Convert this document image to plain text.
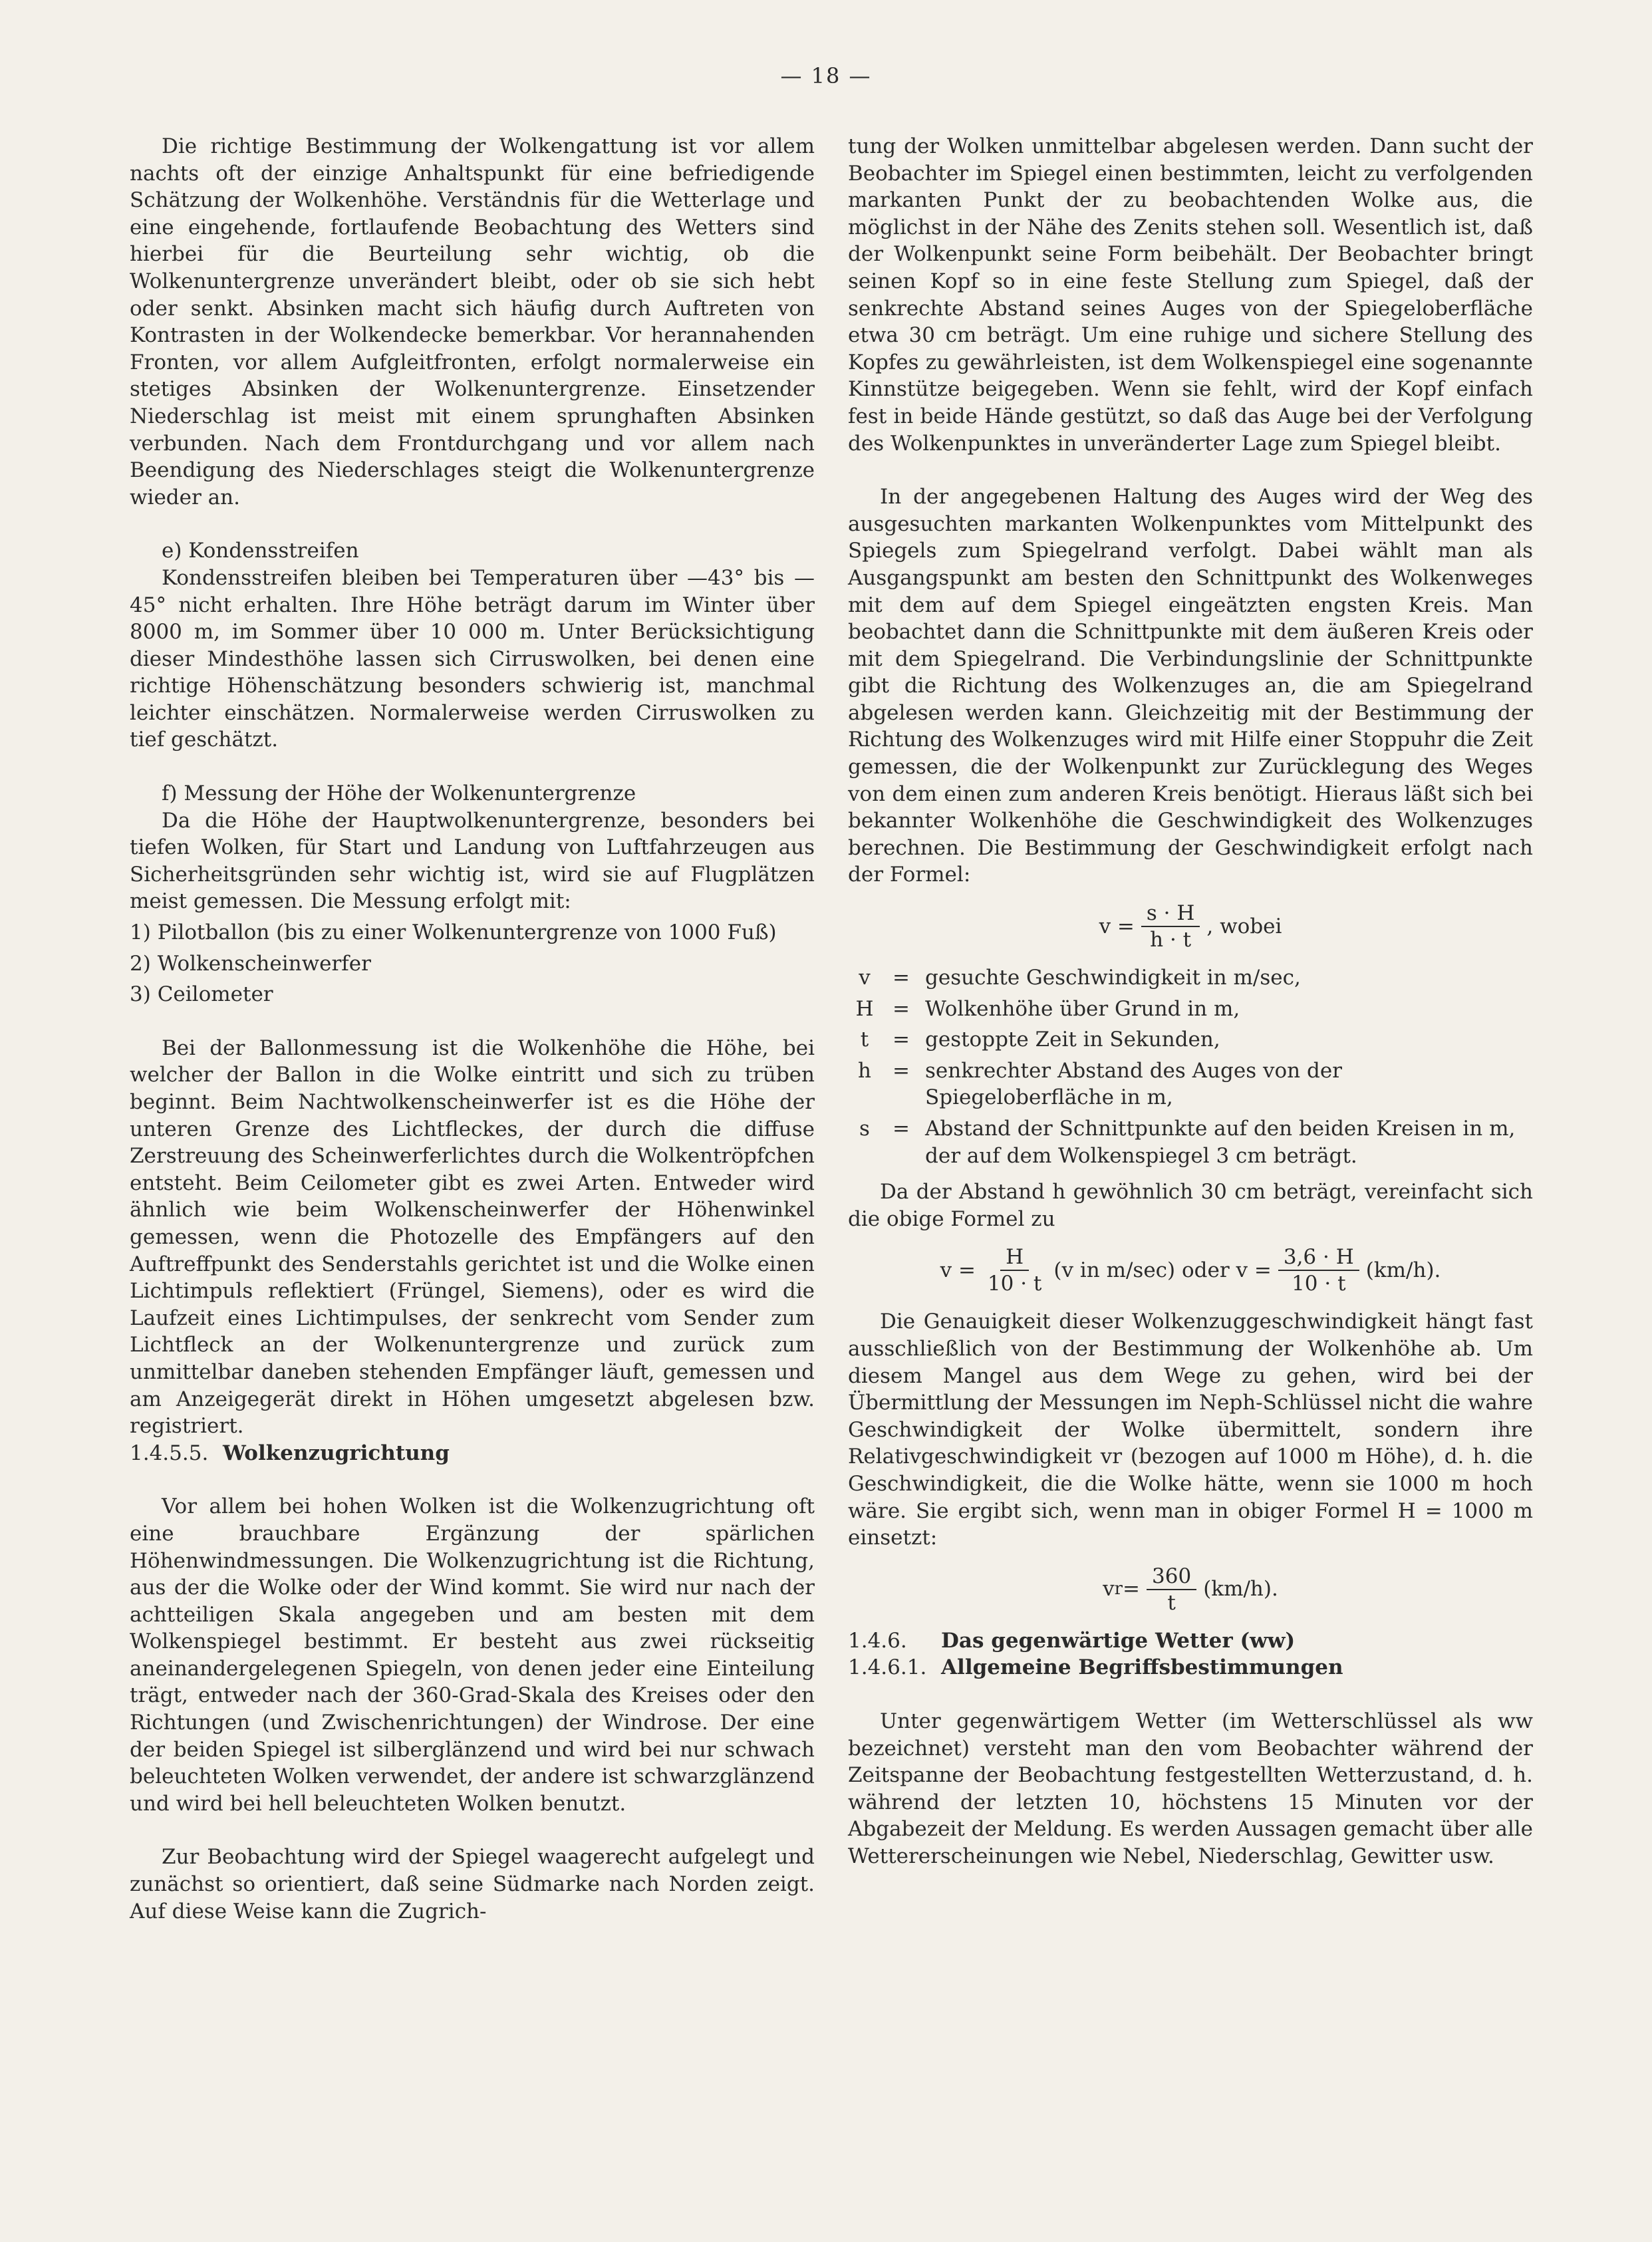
— 18 —

Die richtige Bestimmung der Wolkengattung ist vor allem nachts oft der einzige Anhaltspunkt für eine befriedigende Schätzung der Wolkenhöhe. Verständnis für die Wetterlage und eine eingehende, fortlaufende Beobachtung des Wetters sind hierbei für die Beurteilung sehr wichtig, ob die Wolkenuntergrenze unverändert bleibt, oder ob sie sich hebt oder senkt. Absinken macht sich häufig durch Auftreten von Kontrasten in der Wolkendecke bemerkbar. Vor herannahenden Fronten, vor allem Aufgleitfronten, erfolgt normalerweise ein stetiges Absinken der Wolkenuntergrenze. Einsetzender Niederschlag ist meist mit einem sprunghaften Absinken verbunden. Nach dem Frontdurchgang und vor allem nach Beendigung des Niederschlages steigt die Wolkenuntergrenze wieder an.

e) Kondensstreifen

Kondensstreifen bleiben bei Temperaturen über —43° bis —45° nicht erhalten. Ihre Höhe beträgt darum im Winter über 8000 m, im Sommer über 10 000 m. Unter Berücksichtigung dieser Mindesthöhe lassen sich Cirruswolken, bei denen eine richtige Höhenschätzung besonders schwierig ist, manchmal leichter einschätzen. Normalerweise werden Cirruswolken zu tief geschätzt.

f) Messung der Höhe der Wolkenuntergrenze

Da die Höhe der Hauptwolkenuntergrenze, besonders bei tiefen Wolken, für Start und Landung von Luftfahrzeugen aus Sicherheitsgründen sehr wichtig ist, wird sie auf Flugplätzen meist gemessen. Die Messung erfolgt mit:

1) Pilotballon (bis zu einer Wolkenuntergrenze von 1000 Fuß)

2) Wolkenscheinwerfer

3) Ceilometer

Bei der Ballonmessung ist die Wolkenhöhe die Höhe, bei welcher der Ballon in die Wolke eintritt und sich zu trüben beginnt. Beim Nachtwolkenscheinwerfer ist es die Höhe der unteren Grenze des Lichtfleckes, der durch die diffuse Zerstreuung des Scheinwerferlichtes durch die Wolkentröpfchen entsteht. Beim Ceilometer gibt es zwei Arten. Entweder wird ähnlich wie beim Wolkenscheinwerfer der Höhenwinkel gemessen, wenn die Photozelle des Empfängers auf den Auftreffpunkt des Senderstahls gerichtet ist und die Wolke einen Lichtimpuls reflektiert (Früngel, Siemens), oder es wird die Laufzeit eines Lichtimpulses, der senkrecht vom Sender zum Lichtfleck an der Wolkenuntergrenze und zurück zum unmittelbar daneben stehenden Empfänger läuft, gemessen und am Anzeigegerät direkt in Höhen umgesetzt abgelesen bzw. registriert.

1.4.5.5. Wolkenzugrichtung

Vor allem bei hohen Wolken ist die Wolkenzugrichtung oft eine brauchbare Ergänzung der spärlichen Höhenwindmessungen. Die Wolkenzugrichtung ist die Richtung, aus der die Wolke oder der Wind kommt. Sie wird nur nach der achtteiligen Skala angegeben und am besten mit dem Wolkenspiegel bestimmt. Er besteht aus zwei rückseitig aneinandergelegenen Spiegeln, von denen jeder eine Einteilung trägt, entweder nach der 360-Grad-Skala des Kreises oder den Richtungen (und Zwischenrichtungen) der Windrose. Der eine der beiden Spiegel ist silberglänzend und wird bei nur schwach beleuchteten Wolken verwendet, der andere ist schwarzglänzend und wird bei hell beleuchteten Wolken benutzt.

Zur Beobachtung wird der Spiegel waagerecht aufgelegt und zunächst so orientiert, daß seine Südmarke nach Norden zeigt. Auf diese Weise kann die Zugrich-

tung der Wolken unmittelbar abgelesen werden. Dann sucht der Beobachter im Spiegel einen bestimmten, leicht zu verfolgenden markanten Punkt der zu beobachtenden Wolke aus, die möglichst in der Nähe des Zenits stehen soll. Wesentlich ist, daß der Wolkenpunkt seine Form beibehält. Der Beobachter bringt seinen Kopf so in eine feste Stellung zum Spiegel, daß der senkrechte Abstand seines Auges von der Spiegeloberfläche etwa 30 cm beträgt. Um eine ruhige und sichere Stellung des Kopfes zu gewährleisten, ist dem Wolkenspiegel eine sogenannte Kinnstütze beigegeben. Wenn sie fehlt, wird der Kopf einfach fest in beide Hände gestützt, so daß das Auge bei der Verfolgung des Wolkenpunktes in unveränderter Lage zum Spiegel bleibt.

In der angegebenen Haltung des Auges wird der Weg des ausgesuchten markanten Wolkenpunktes vom Mittelpunkt des Spiegels zum Spiegelrand verfolgt. Dabei wählt man als Ausgangspunkt am besten den Schnittpunkt des Wolkenweges mit dem auf dem Spiegel eingeätzten engsten Kreis. Man beobachtet dann die Schnittpunkte mit dem äußeren Kreis oder mit dem Spiegelrand. Die Verbindungslinie der Schnittpunkte gibt die Richtung des Wolkenzuges an, die am Spiegelrand abgelesen werden kann. Gleichzeitig mit der Bestimmung der Richtung des Wolkenzuges wird mit Hilfe einer Stoppuhr die Zeit gemessen, die der Wolkenpunkt zur Zurücklegung des Weges von dem einen zum anderen Kreis benötigt. Hieraus läßt sich bei bekannter Wolkenhöhe die Geschwindigkeit des Wolkenzuges berechnen. Die Bestimmung der Geschwindigkeit erfolgt nach der Formel:

$v = \frac{s \cdot H}{h \cdot t}$ , wobei
v	=	gesuchte Geschwindigkeit in m/sec,
H	=	Wolkenhöhe über Grund in m,
t	=	gestoppte Zeit in Sekunden,
h	=	senkrechter Abstand des Auges von der Spiegeloberfläche in m,
s	=	Abstand der Schnittpunkte auf den beiden Kreisen in m, der auf dem Wolkenspiegel 3 cm beträgt.

Da der Abstand h gewöhnlich 30 cm beträgt, vereinfacht sich die obige Formel zu

$v = \frac{H}{10 \cdot t} (v$ in m/sec) oder $v = \frac{3,6 \cdot H}{10 \cdot t} (km/h)$.

Die Genauigkeit dieser Wolkenzuggeschwindigkeit hängt fast ausschließlich von der Bestimmung der Wolkenhöhe ab. Um diesem Mangel aus dem Wege zu gehen, wird bei der Übermittlung der Messungen im Neph-Schlüssel nicht die wahre Geschwindigkeit der Wolke übermittelt, sondern ihre Relativgeschwindigkeit vr (bezogen auf 1000 m Höhe), d. h. die Geschwindigkeit, die die Wolke hätte, wenn sie 1000 m hoch wäre. Sie ergibt sich, wenn man in obiger Formel H = 1000 m einsetzt:

v $r = \frac{360}{t} (km/h)$.

1.4.6. Das gegenwärtige Wetter (ww)

1.4.6.1. Allgemeine Begriffsbestimmungen

Unter gegenwärtigem Wetter (im Wetterschlüssel als ww bezeichnet) versteht man den vom Beobachter während der Zeitspanne der Beobachtung festgestellten Wetterzustand, d. h. während der letzten 10, höchstens 15 Minuten vor der Abgabezeit der Meldung. Es werden Aussagen gemacht über alle Wettererscheinungen wie Nebel, Niederschlag, Gewitter usw.
